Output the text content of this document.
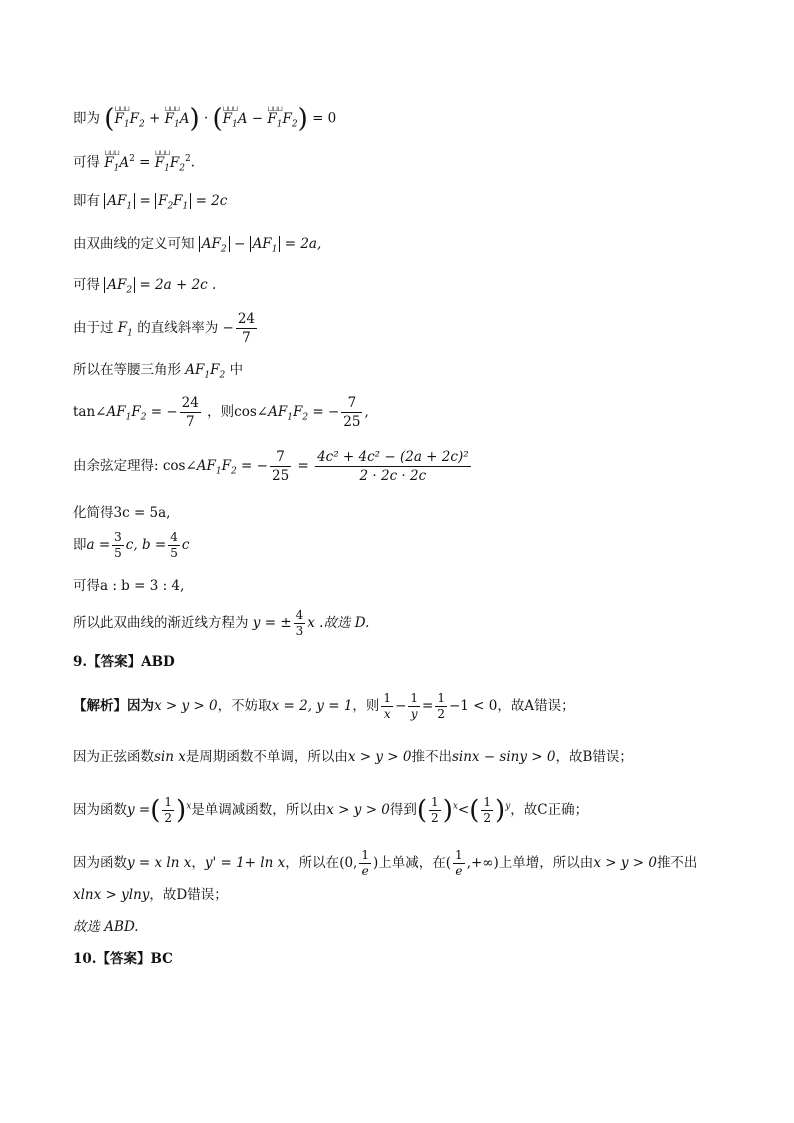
即为 (⊔⊔⊔ $F_1F_2$ + ⊔⊔⊔ $F_1A$) · (⊔⊔⊔ $F_1A$ − ⊔⊔⊔ $F_1F_2) = 0$
可得 ⊔⊔⊔ $F_1A^2$ = ⊔⊔⊔ $F_1F_2^2$.
即有 $AF_1 = F_2F_1 = 2c$
由双曲线的定义可知 $AF_2 - AF_1 = 2a$,
可得 $AF_2 = 2a + 2c$ .
由于过 $F_1$ 的直线斜率为 − $\frac{24}{7}$
所以在等腰三角形 $AF_1F_2$ 中
$\tan\angle AF_1F_2$ = − $\frac{24}{7}$ ，则$\cos\angle AF_1F_2$ = − $\frac{7}{25}$ ,
由余弦定理得: $\cos\angle AF_1F_2$ = − $\frac{7}{25} = \frac{\text{4c² + 4c² − (2a + 2c)²}}{2 \cdot 2c \cdot 2c}$
化简得3c = 5a,
即$a = \frac{3}{5} c$, $b = \frac{4}{5}$ c
可得a : b = 3 : 4,
所以此双曲线的渐近线方程为 y = ± $\frac{4}{3}$ x .故选 D.
9.【答案】ABD
【解析】因为x > y > 0，不妨取x = 2, y = 1，则 $\frac{1}{x} - \frac{1}{y} = \frac{1}{2} -1 < 0$，故A错误；
因为正弦函数sin x是周期函数不单调，所以由x > y > 0推不出sinx − siny > 0，故B错误；
因为函数y =( $\frac{1}{2} )^x$是单调减函数，所以由x > y > 0得到( $\frac{1}{2} )^x<( \frac{1}{2} )^y$，故C正确；
因为函数y = x ln x，y' = 1+ ln x，所以在(0, $\frac{1}{e}$ )上单减，在( $\frac{1}{e}$ ,+∞)上单增，所以由x > y > 0推不出
xlnx > ylny，故D错误；
故选 ABD.
10.【答案】BC
